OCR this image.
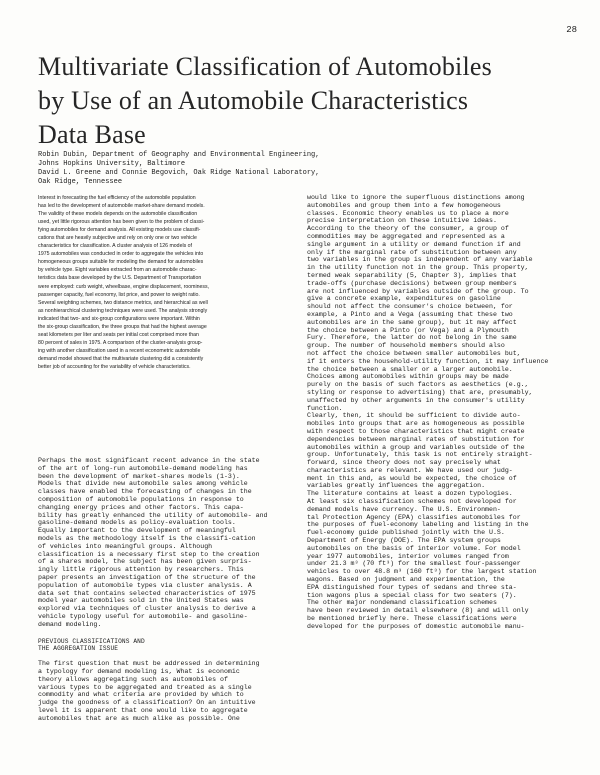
28
Multivariate Classification of Automobiles
by Use of an Automobile Characteristics
Data Base
Robin Dubin, Department of Geography and Environmental Engineering,
Johns Hopkins University, Baltimore
David L. Greene and Connie Begovich, Oak Ridge National Laboratory,
Oak Ridge, Tennessee
Interest in forecasting the fuel efficiency of the automobile population
has led to the development of automobile market-share demand models.
The validity of these models depends on the automobile classification
used, yet little rigorous attention has been given to the problem of classi-
fying automobiles for demand analysis. All existing models use classifi-
cations that are heavily subjective and rely on only one or two vehicle
characteristics for classification. A cluster analysis of 126 models of
1975 automobiles was conducted in order to aggregate the vehicles into
homogeneous groups suitable for modeling the demand for automobiles
by vehicle type. Eight variables extracted from an automobile charac-
teristics data base developed by the U.S. Department of Transportation
were employed: curb weight, wheelbase, engine displacement, roominess,
passenger capacity, fuel economy, list price, and power to weight ratio.
Several weighting schemes, two distance metrics, and hierarchical as well
as nonhierarchical clustering techniques were used. The analysis strongly
indicated that two- and six-group configurations were important. Within
the six-group classification, the three groups that had the highest average
seat kilometers per liter and seats per initial cost comprised more than
80 percent of sales in 1975. A comparison of the cluster-analysis group-
ing with another classification used in a recent econometric automobile
demand model showed that the multivariate clustering did a consistently
better job of accounting for the variability of vehicle characteristics.
Perhaps the most significant recent advance in the state
of the art of long-run automobile-demand modeling has
been the development of market-shares models (1-3).
Models that divide new automobile sales among vehicle
classes have enabled the forecasting of changes in the
composition of automobile populations in response to
changing energy prices and other factors. This capa-
bility has greatly enhanced the utility of automobile- and
gasoline-demand models as policy-evaluation tools.
Equally important to the development of meaningful
models as the methodology itself is the classifi-cation
of vehicles into meaningful groups. Although
classification is a necessary first step to the creation
of a shares model, the subject has been given surpris-
ingly little rigorous attention by researchers. This
paper presents an investigation of the structure of the
population of automobile types via cluster analysis. A
data set that contains selected characteristics of 1975
model year automobiles sold in the United States was
explored via techniques of cluster analysis to derive a
vehicle typology useful for automobile- and gasoline-
demand modeling.
PREVIOUS CLASSIFICATIONS AND
THE AGGREGATION ISSUE
The first question that must be addressed in determining
a typology for demand modeling is, What is economic
theory allows aggregating such as automobiles of
various types to be aggregated and treated as a single
commodity and what criteria are provided by which to
judge the goodness of a classification? On an intuitive
level it is apparent that one would like to aggregate
automobiles that are as much alike as possible. One
would like to ignore the superfluous distinctions among
automobiles and group them into a few homogeneous
classes. Economic theory enables us to place a more
precise interpretation on these intuitive ideas.
According to the theory of the consumer, a group of
commodities may be aggregated and represented as a
single argument in a utility or demand function if and
only if the marginal rate of substitution between any
two variables in the group is independent of any variable
in the utility function not in the group. This property,
termed weak separability (5, Chapter 3), implies that
trade-offs (purchase decisions) between group members
are not influenced by variables outside of the group. To
give a concrete example, expenditures on gasoline
should not affect the consumer's choice between, for
example, a Pinto and a Vega (assuming that these two
automobiles are in the same group), but it may affect
the choice between a Pinto (or Vega) and a Plymouth
Fury. Therefore, the latter do not belong in the same
group. The number of household members should also
not affect the choice between smaller automobiles but,
if it enters the household-utility function, it may influence
the choice between a smaller or a larger automobile.
Choices among automobiles within groups may be made
purely on the basis of such factors as aesthetics (e.g.,
styling or response to advertising) that are, presumably,
unaffected by other arguments in the consumer's utility
function.
Clearly, then, it should be sufficient to divide auto-
mobiles into groups that are as homogeneous as possible
with respect to those characteristics that might create
dependencies between marginal rates of substitution for
automobiles within a group and variables outside of the
group. Unfortunately, this task is not entirely straight-
forward, since theory does not say precisely what
characteristics are relevant. We have used our judg-
ment in this and, as would be expected, the choice of
variables greatly influences the aggregation.
The literature contains at least a dozen typologies.
At least six classification schemes not developed for
demand models have currency. The U.S. Environmen-
tal Protection Agency (EPA) classifies automobiles for
the purposes of fuel-economy labeling and listing in the
fuel-economy guide published jointly with the U.S.
Department of Energy (DOE). The EPA system groups
automobiles on the basis of interior volume. For model
year 1977 automobiles, interior volumes ranged from
under 21.3 m³ (70 ft³) for the smallest four-passenger
vehicles to over 48.8 m³ (160 ft³) for the largest station
wagons. Based on judgment and experimentation, the
EPA distinguished four types of sedans and three sta-
tion wagons plus a special class for two seaters (7).
The other major nondemand classification schemes
have been reviewed in detail elsewhere (8) and will only
be mentioned briefly here. These classifications were
developed for the purposes of domestic automobile manu-
